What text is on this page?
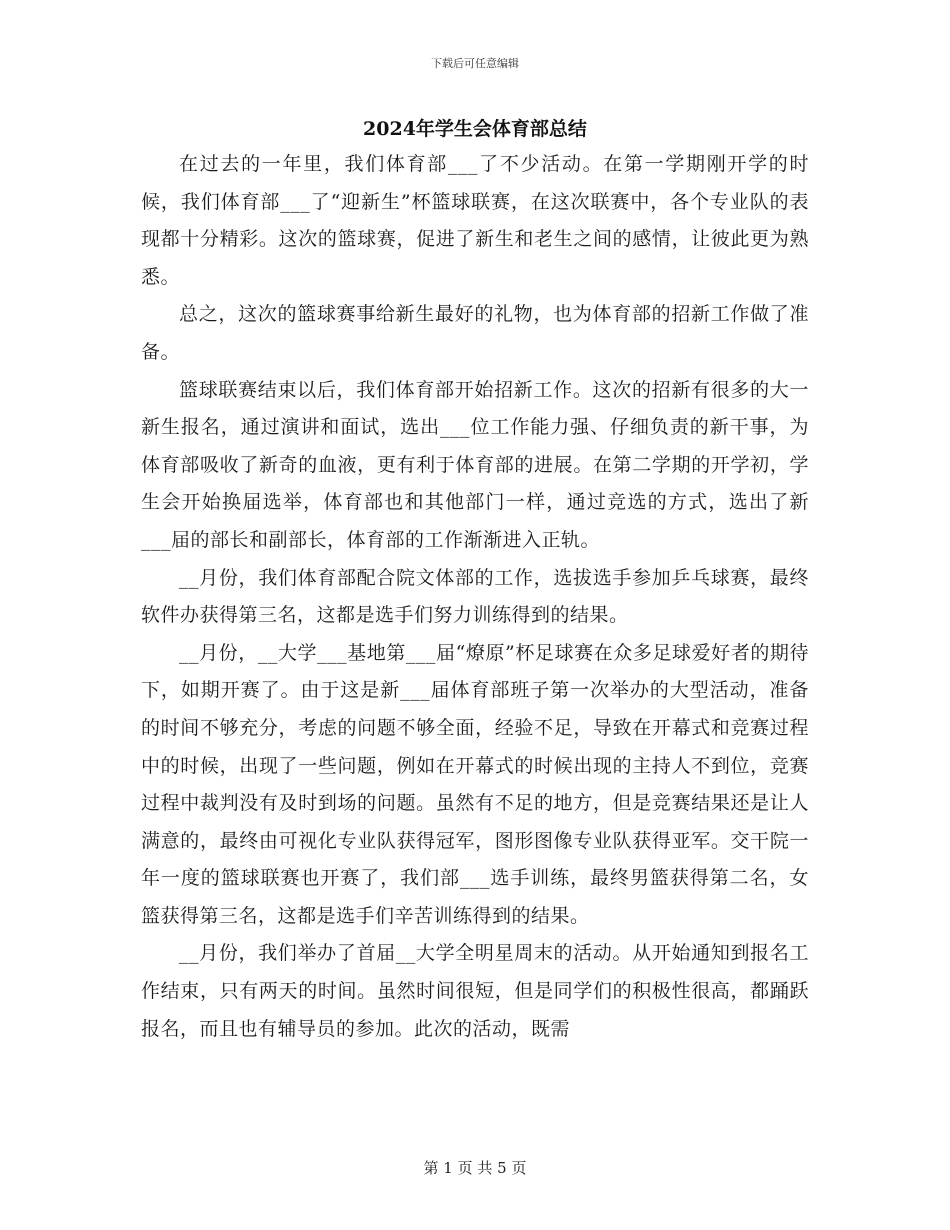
下载后可任意编辑
2024年学生会体育部总结

在过去的一年里，我们体育部___了不少活动。在第一学期刚开学的时候，我们体育部___了“迎新生”杯篮球联赛，在这次联赛中，各个专业队的表现都十分精彩。这次的篮球赛，促进了新生和老生之间的感情，让彼此更为熟悉。

总之，这次的篮球赛事给新生最好的礼物，也为体育部的招新工作做了准备。

篮球联赛结束以后，我们体育部开始招新工作。这次的招新有很多的大一新生报名，通过演讲和面试，选出___位工作能力强、仔细负责的新干事，为体育部吸收了新奇的血液，更有利于体育部的进展。在第二学期的开学初，学生会开始换届选举，体育部也和其他部门一样，通过竞选的方式，选出了新___届的部长和副部长，体育部的工作渐渐进入正轨。

__月份，我们体育部配合院文体部的工作，选拔选手参加乒乓球赛，最终软件办获得第三名，这都是选手们努力训练得到的结果。

__月份，__大学___基地第___届“燎原”杯足球赛在众多足球爱好者的期待下，如期开赛了。由于这是新___届体育部班子第一次举办的大型活动，准备的时间不够充分，考虑的问题不够全面，经验不足，导致在开幕式和竞赛过程中的时候，出现了一些问题，例如在开幕式的时候出现的主持人不到位，竞赛过程中裁判没有及时到场的问题。虽然有不足的地方，但是竞赛结果还是让人满意的，最终由可视化专业队获得冠军，图形图像专业队获得亚军。交干院一年一度的篮球联赛也开赛了，我们部___选手训练，最终男篮获得第二名，女篮获得第三名，这都是选手们辛苦训练得到的结果。

__月份，我们举办了首届__大学全明星周末的活动。从开始通知到报名工作结束，只有两天的时间。虽然时间很短，但是同学们的积极性很高，都踊跃报名，而且也有辅导员的参加。此次的活动，既需

第 1 页 共 5 页
